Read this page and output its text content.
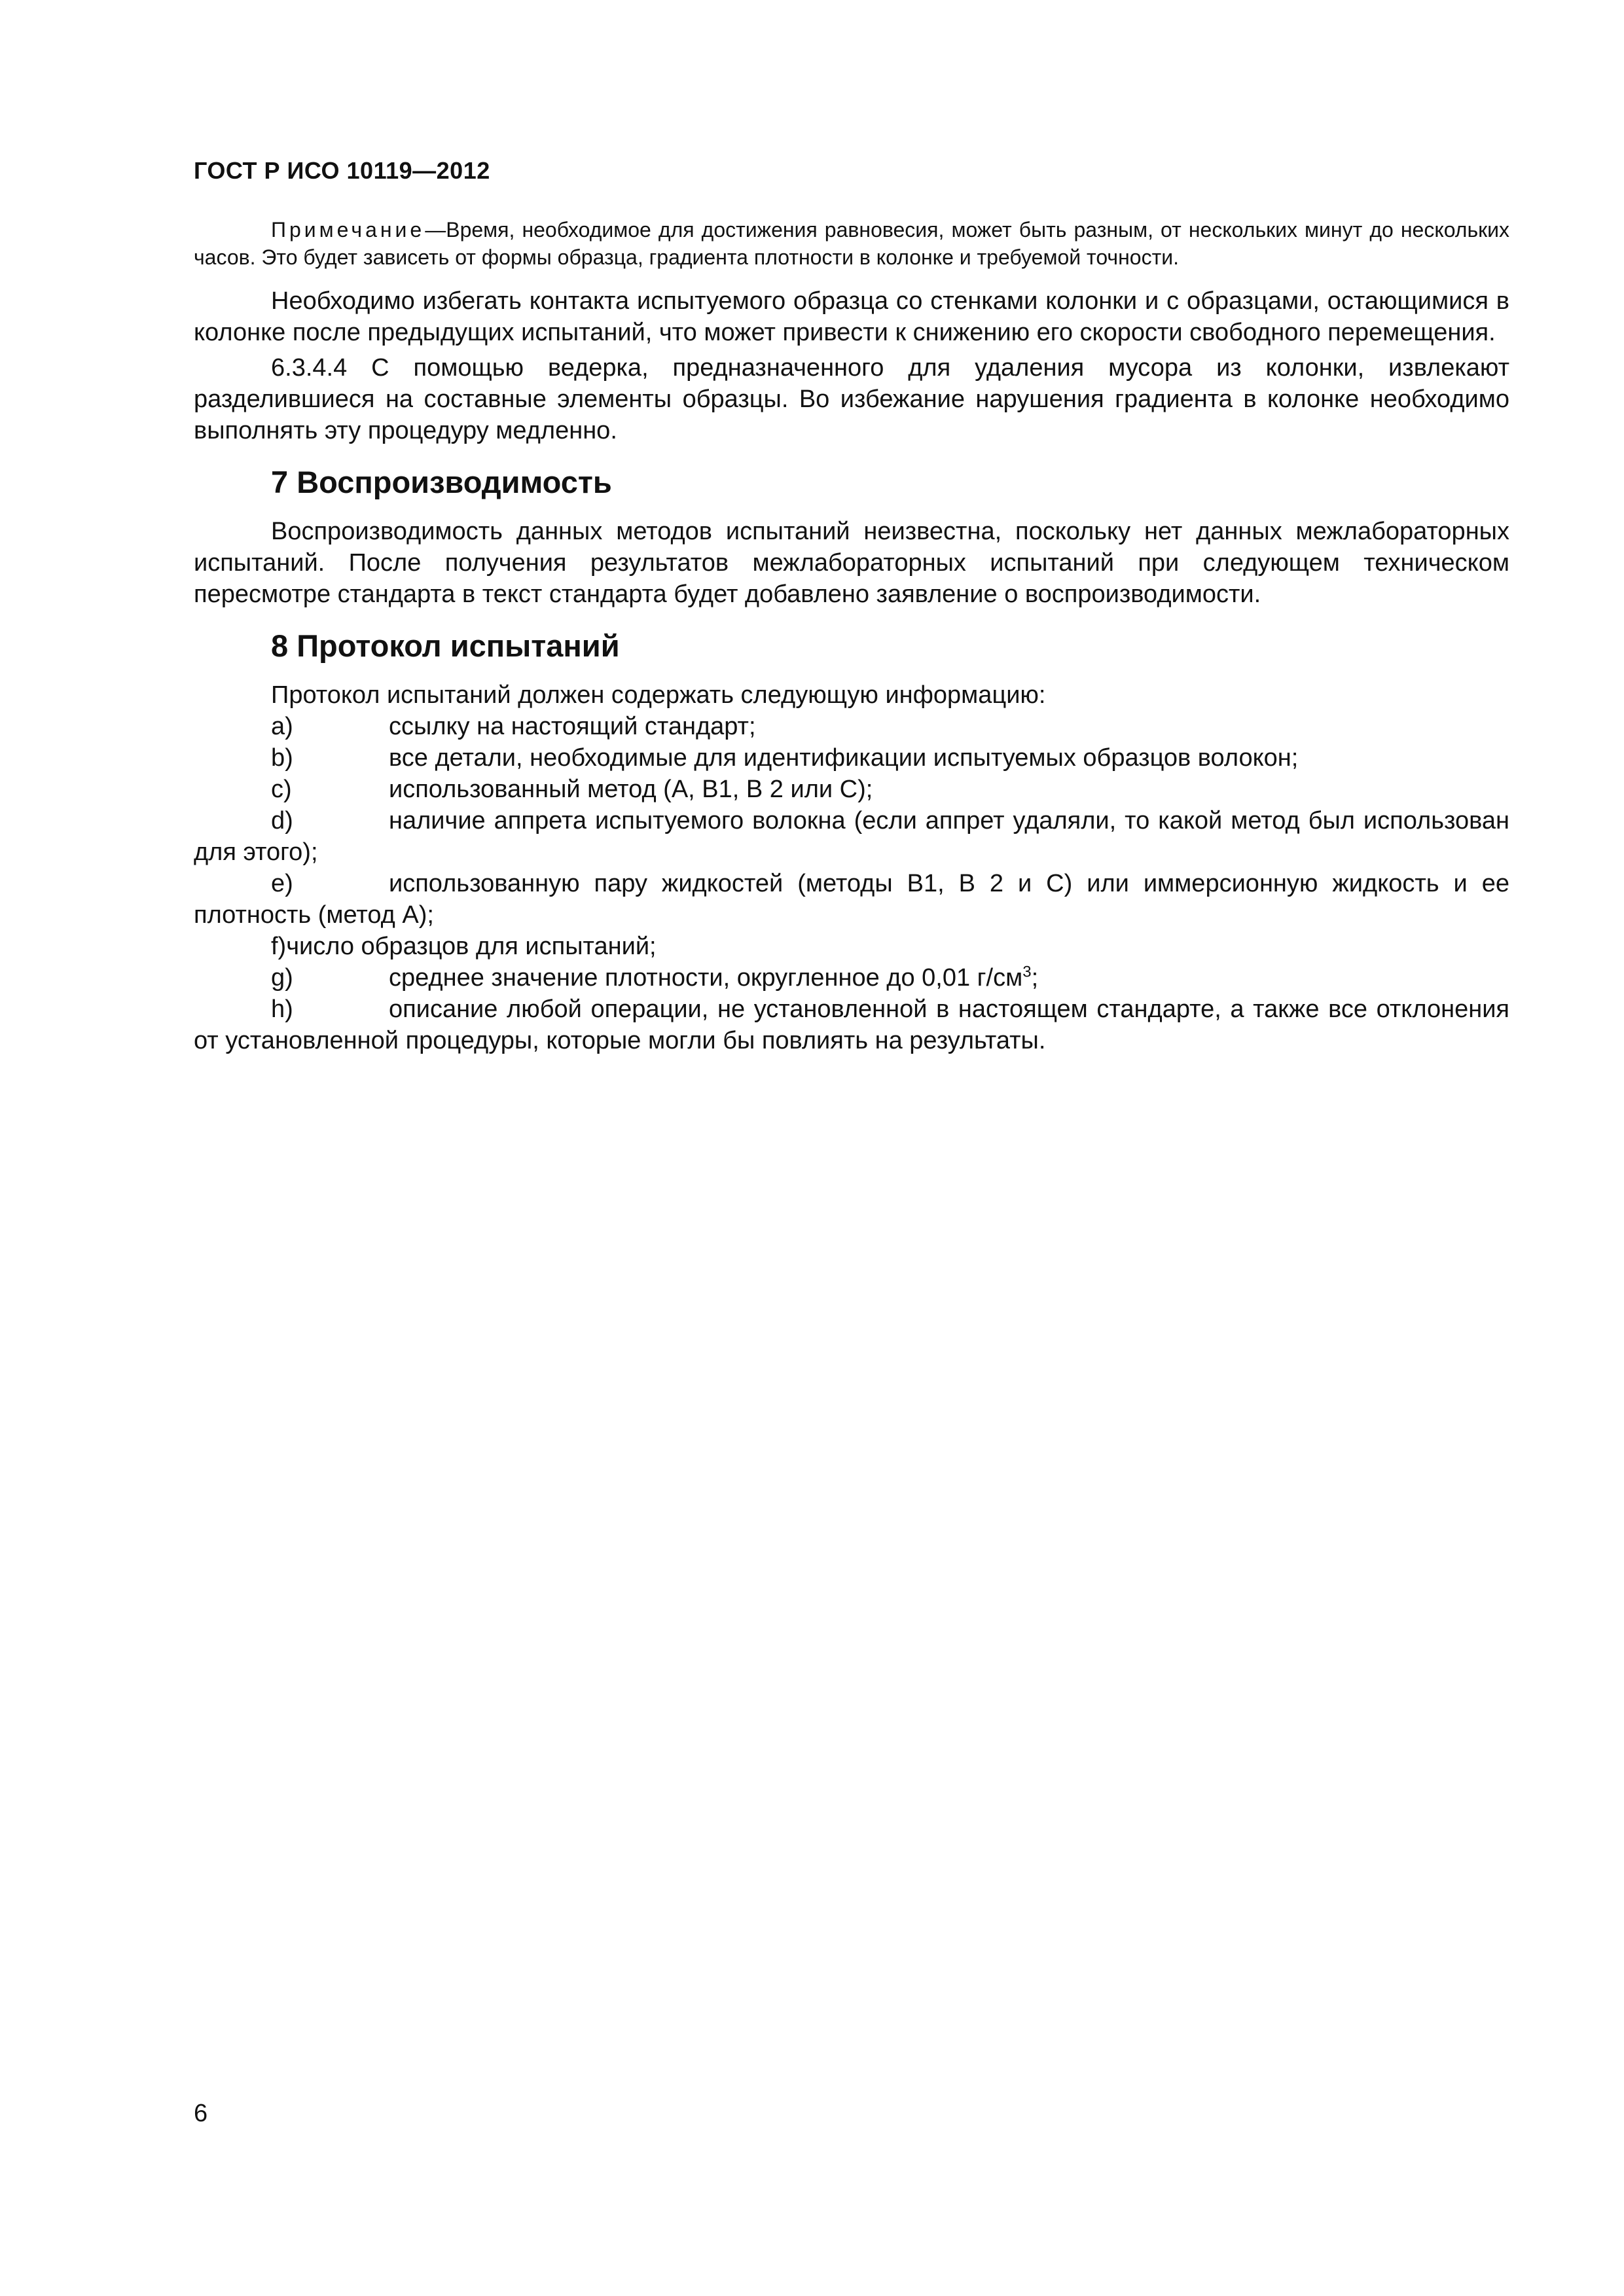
ГОСТ Р ИСО 10119—2012

Примечание—Время, необходимое для достижения равновесия, может быть разным, от нескольких минут до нескольких часов. Это будет зависеть от формы образца, градиента плотности в колонке и требуемой точности.

Необходимо избегать контакта испытуемого образца со стенками колонки и с образцами, остающимися в колонке после предыдущих испытаний, что может привести к снижению его скорости свободного перемещения.

6.3.4.4 С помощью ведерка, предназначенного для удаления мусора из колонки, извлекают разделившиеся на составные элементы образцы. Во избежание нарушения градиента в колонке необходимо выполнять эту процедуру медленно.

7 Воспроизводимость

Воспроизводимость данных методов испытаний неизвестна, поскольку нет данных межлабораторных испытаний. После получения результатов межлабораторных испытаний при следующем техническом пересмотре стандарта в текст стандарта будет добавлено заявление о воспроизводимости.

8 Протокол испытаний

Протокол испытаний должен содержать следующую информацию:

a)	ссылку на настоящий стандарт;

b)	все детали, необходимые для идентификации испытуемых образцов волокон;

c)	использованный метод (А, В1, В 2 или С);

d)	наличие аппрета испытуемого волокна (если аппрет удаляли, то какой метод был использован для этого);

e)	использованную пару жидкостей (методы В1, В 2 и С) или иммерсионную жидкость и ее плотность (метод А);

f)число образцов для испытаний;

g)	среднее значение плотности, округленное до 0,01 $г/см^3$;

h)	описание любой операции, не установленной в настоящем стандарте, а также все отклонения от установленной процедуры, которые могли бы повлиять на результаты.

6
